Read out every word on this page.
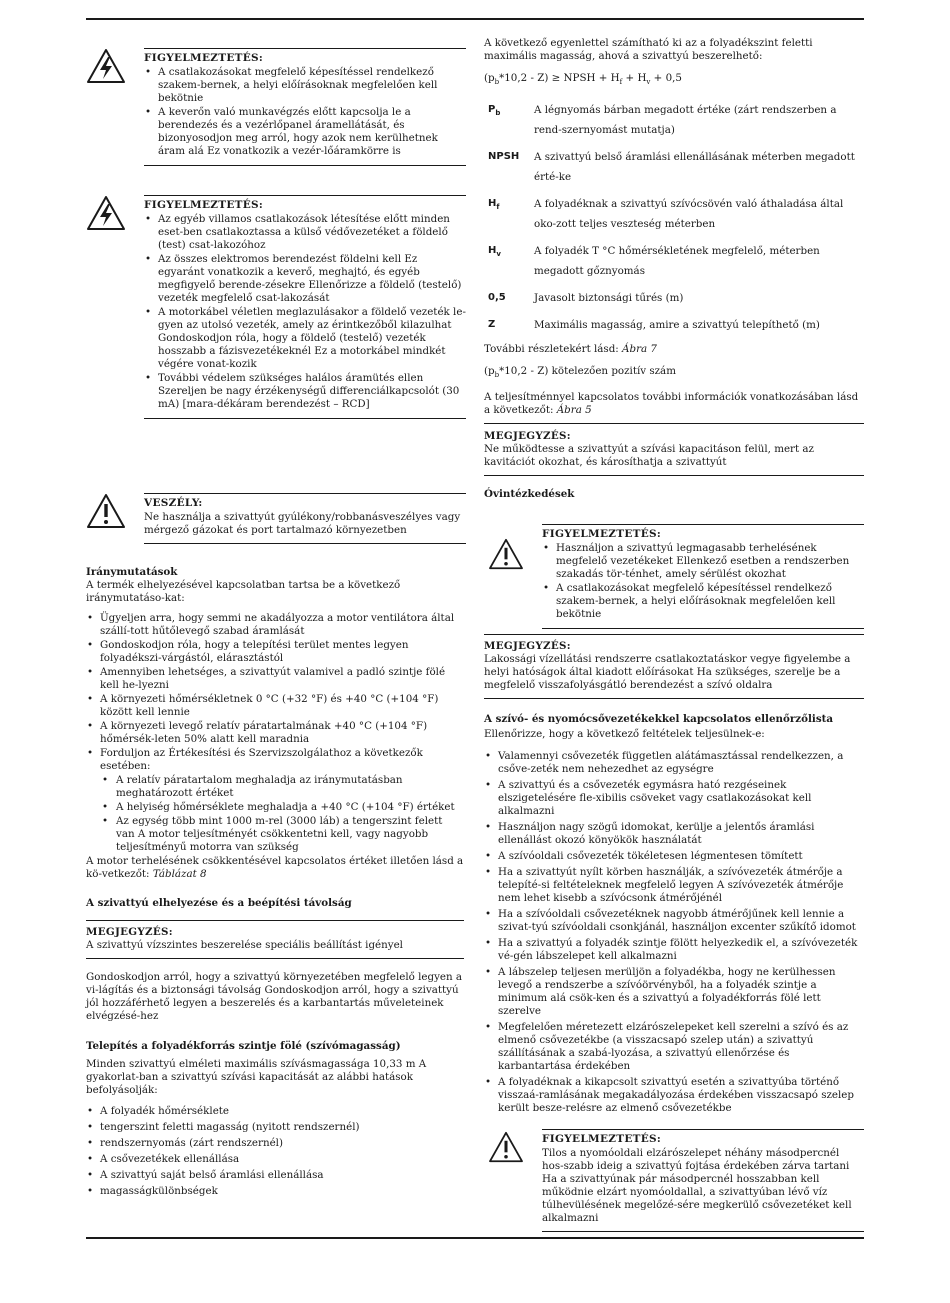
FIGYELMEZTETÉS:
• A csatlakozásokat megfelelő képesítéssel rendelkező szakem-bernek, a helyi előírásoknak megfelelően kell bekötnie
• A keverőn való munkavégzés előtt kapcsolja le a berendezés és a vezérlőpanel áramellátását, és bizonyosodjon meg arról, hogy azok nem kerülhetnek áram alá Ez vonatkozik a vezér-lőáramkörre is
FIGYELMEZTETÉS:
• Az egyéb villamos csatlakozások létesítése előtt minden eset-ben csatlakoztassa a külső védővezetéket a földelő (test) csat-lakozóhoz
• Az összes elektromos berendezést földelni kell Ez egyaránt vonatkozik a keverő, meghajtó, és egyéb megfigyelő berende-zésekre Ellenőrizze a földelő (testelő) vezeték megfelelő csat-lakozását
• A motorkábel véletlen meglazulásakor a földelő vezeték le-gyen az utolsó vezeték, amely az érintkezőből kilazulhat Gondoskodjon róla, hogy a földelő (testelő) vezeték hosszabb a fázisvezetékeknél Ez a motorkábel mindkét végére vonat-kozik
• További védelem szükséges halálos áramütés ellen Szereljen be nagy érzékenységű differenciálkapcsolót (30 mA) [mara-dékáram berendezést – RCD]
VESZÉLY:

Ne használja a szivattyút gyúlékony/robbanásveszélyes vagy mérgező gázokat és port tartalmazó környezetben

Iránymutatások

A termék elhelyezésével kapcsolatban tartsa be a következő iránymutatáso-kat:

• Ügyeljen arra, hogy semmi ne akadályozza a motor ventilátora által szállí-tott hűtőlevegő szabad áramlását
• Gondoskodjon róla, hogy a telepítési terület mentes legyen folyadékszi-várgástól, elárasztástól
• Amennyiben lehetséges, a szivattyút valamivel a padló szintje fölé kell he-lyezni
• A környezeti hőmérsékletnek 0 °C (+32 °F) és +40 °C (+104 °F) között kell lennie
• A környezeti levegő relatív páratartalmának +40 °C (+104 °F) hőmérsék-leten 50% alatt kell maradnia
• Forduljon az Értékesítési és Szervizszolgálathoz a következők esetében:
• A relatív páratartalom meghaladja az iránymutatásban meghatározott értéket
• A helyiség hőmérséklete meghaladja a +40 °C (+104 °F) értéket
• Az egység több mint 1000 m-rel (3000 láb) a tengerszint felett van A motor teljesítményét csökkentetni kell, vagy nagyobb teljesítményű motorra van szükség

A motor terhelésének csökkentésével kapcsolatos értéket illetően lásd a kö-vetkezőt: Táblázat 8

A szivattyú elhelyezése és a beépítési távolság

MEGJEGYZÉS:

A szivattyú vízszintes beszerelése speciális beállítást igényel

Gondoskodjon arról, hogy a szivattyú környezetében megfelelő legyen a vi-lágítás és a biztonsági távolság Gondoskodjon arról, hogy a szivattyú jól hozzáférhető legyen a beszerelés és a karbantartás műveleteinek elvégzésé-hez

Telepítés a folyadékforrás szintje fölé (szívómagasság)

Minden szivattyú elméleti maximális szívásmagassága 10,33 m A gyakorlat-ban a szivattyú szívási kapacitását az alábbi hatások befolyásolják:

• A folyadék hőmérséklete
• tengerszint feletti magasság (nyitott rendszernél)
• rendszernyomás (zárt rendszernél)
• A csővezetékek ellenállása
• A szivattyú saját belső áramlási ellenállása
• magasságkülönbségek

A következő egyenlettel számítható ki az a folyadékszint feletti maximális magasság, ahová a szivattyú beszerelhető:

$(p_b*10,2 - Z)$ ≥ NPSH + $H_f + H_v + 0,5$

$P_b$	A légnyomás bárban megadott értéke (zárt rendszerben a rend-szernyomást mutatja)
NPSH	A szivattyú belső áramlási ellenállásának méterben megadott érté-ke
$H_f$	A folyadéknak a szivattyú szívócsövén való áthaladása által oko-zott teljes veszteség méterben
$H_v$	A folyadék T °C hőmérsékletének megfelelő, méterben megadott gőznyomás
0,5	Javasolt biztonsági tűrés (m)
Z	Maximális magasság, amire a szivattyú telepíthető (m)

További részletekért lásd: Ábra 7

$(p_b*10,2 - Z)$ kötelezően pozitív szám

A teljesítménnyel kapcsolatos további információk vonatkozásában lásd a következőt: Ábra 5

MEGJEGYZÉS:

Ne működtesse a szivattyút a szívási kapacitáson felül, mert az kavitációt okozhat, és károsíthatja a szivattyút

Óvintézkedések

FIGYELMEZTETÉS:
• Használjon a szivattyú legmagasabb terhelésének megfelelő vezetékeket Ellenkező esetben a rendszerben szakadás tör-ténhet, amely sérülést okozhat
• A csatlakozásokat megfelelő képesítéssel rendelkező szakem-bernek, a helyi előírásoknak megfelelően kell bekötnie

MEGJEGYZÉS:

Lakossági vízellátási rendszerre csatlakoztatáskor vegye figyelembe a helyi hatóságok által kiadott előírásokat Ha szükséges, szerelje be a megfelelő visszafolyásgátló berendezést a szívó oldalra

A szívó- és nyomócsővezetékekkel kapcsolatos ellenőrzőlista

Ellenőrizze, hogy a következő feltételek teljesülnek-e:

• Valamennyi csővezeték független alátámasztással rendelkezzen, a csőve-zeték nem nehezedhet az egységre
• A szivattyú és a csővezeték egymásra ható rezgéseinek elszigetelésére fle-xibilis csöveket vagy csatlakozásokat kell alkalmazni
• Használjon nagy szögű idomokat, kerülje a jelentős áramlási ellenállást okozó könyökök használatát
• A szívóoldali csővezeték tökéletesen légmentesen tömített
• Ha a szivattyút nyílt körben használják, a szívóvezeték átmérője a telepíté-si feltételeknek megfelelő legyen A szívóvezeték átmérője nem lehet kisebb a szívócsonk átmérőjénél
• Ha a szívóoldali csővezetéknek nagyobb átmérőjűnek kell lennie a szivat-tyú szívóoldali csonkjánál, használjon excenter szűkítő idomot
• Ha a szivattyú a folyadék szintje fölött helyezkedik el, a szívóvezeték vé-gén lábszelepet kell alkalmazni
• A lábszelep teljesen merüljön a folyadékba, hogy ne kerülhessen levegő a rendszerbe a szívóörvényből, ha a folyadék szintje a minimum alá csök-ken és a szivattyú a folyadékforrás fölé lett szerelve
• Megfelelően méretezett elzárószelepeket kell szerelni a szívó és az elmenő csővezetékbe (a visszacsapó szelep után) a szivattyú szállításának a szabá-lyozása, a szivattyú ellenőrzése és karbantartása érdekében
• A folyadéknak a kikapcsolt szivattyú esetén a szivattyúba történő visszaá-ramlásának megakadályozása érdekében visszacsapó szelep került besze-relésre az elmenő csővezetékbe
FIGYELMEZTETÉS:

Tilos a nyomóoldali elzárószelepet néhány másodpercnél hos-szabb ideig a szivattyú fojtása érdekében zárva tartani Ha a szivattyúnak pár másodpercnél hosszabban kell működnie elzárt nyomóoldallal, a szivattyúban lévő víz túlhevülésének megelőzé-sére megkerülő csővezetéket kell alkalmazni
